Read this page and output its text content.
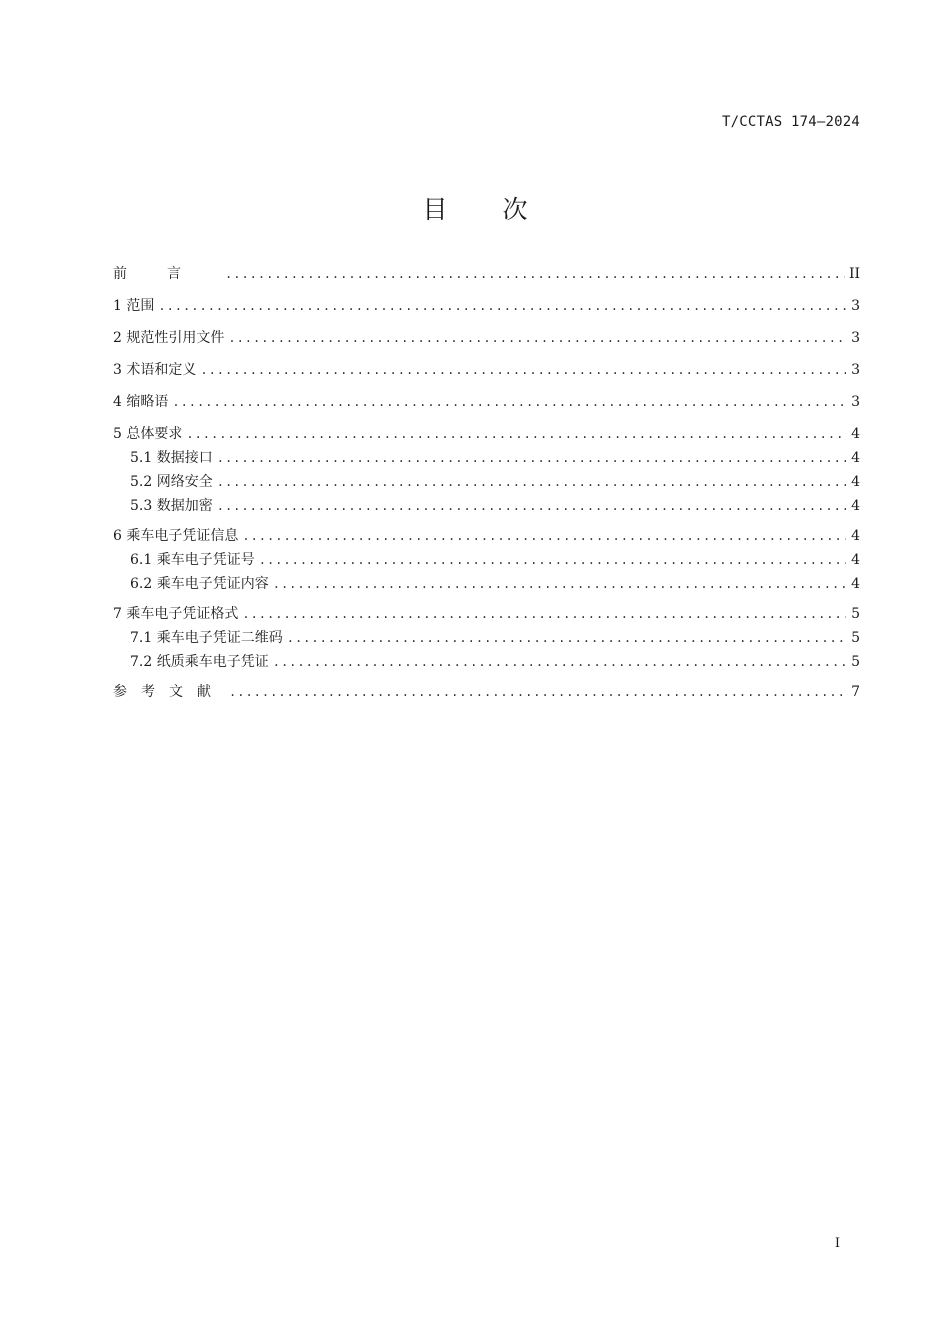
T/CCTAS 174—2024
目次
前言 .....	II
1 范围 .....	3
2 规范性引用文件 .....	3
3 术语和定义 .....	3
4 缩略语 .....	3
5 总体要求 .....	4
5.1 数据接口 .....	4
5.2 网络安全 .....	4
5.3 数据加密 .....	4
6 乘车电子凭证信息 .....	4
6.1 乘车电子凭证号 .....	4
6.2 乘车电子凭证内容 .....	4
7 乘车电子凭证格式 .....	5
7.1 乘车电子凭证二维码 .....	5
7.2 纸质乘车电子凭证 .....	5
参考文献 .....	7
I
